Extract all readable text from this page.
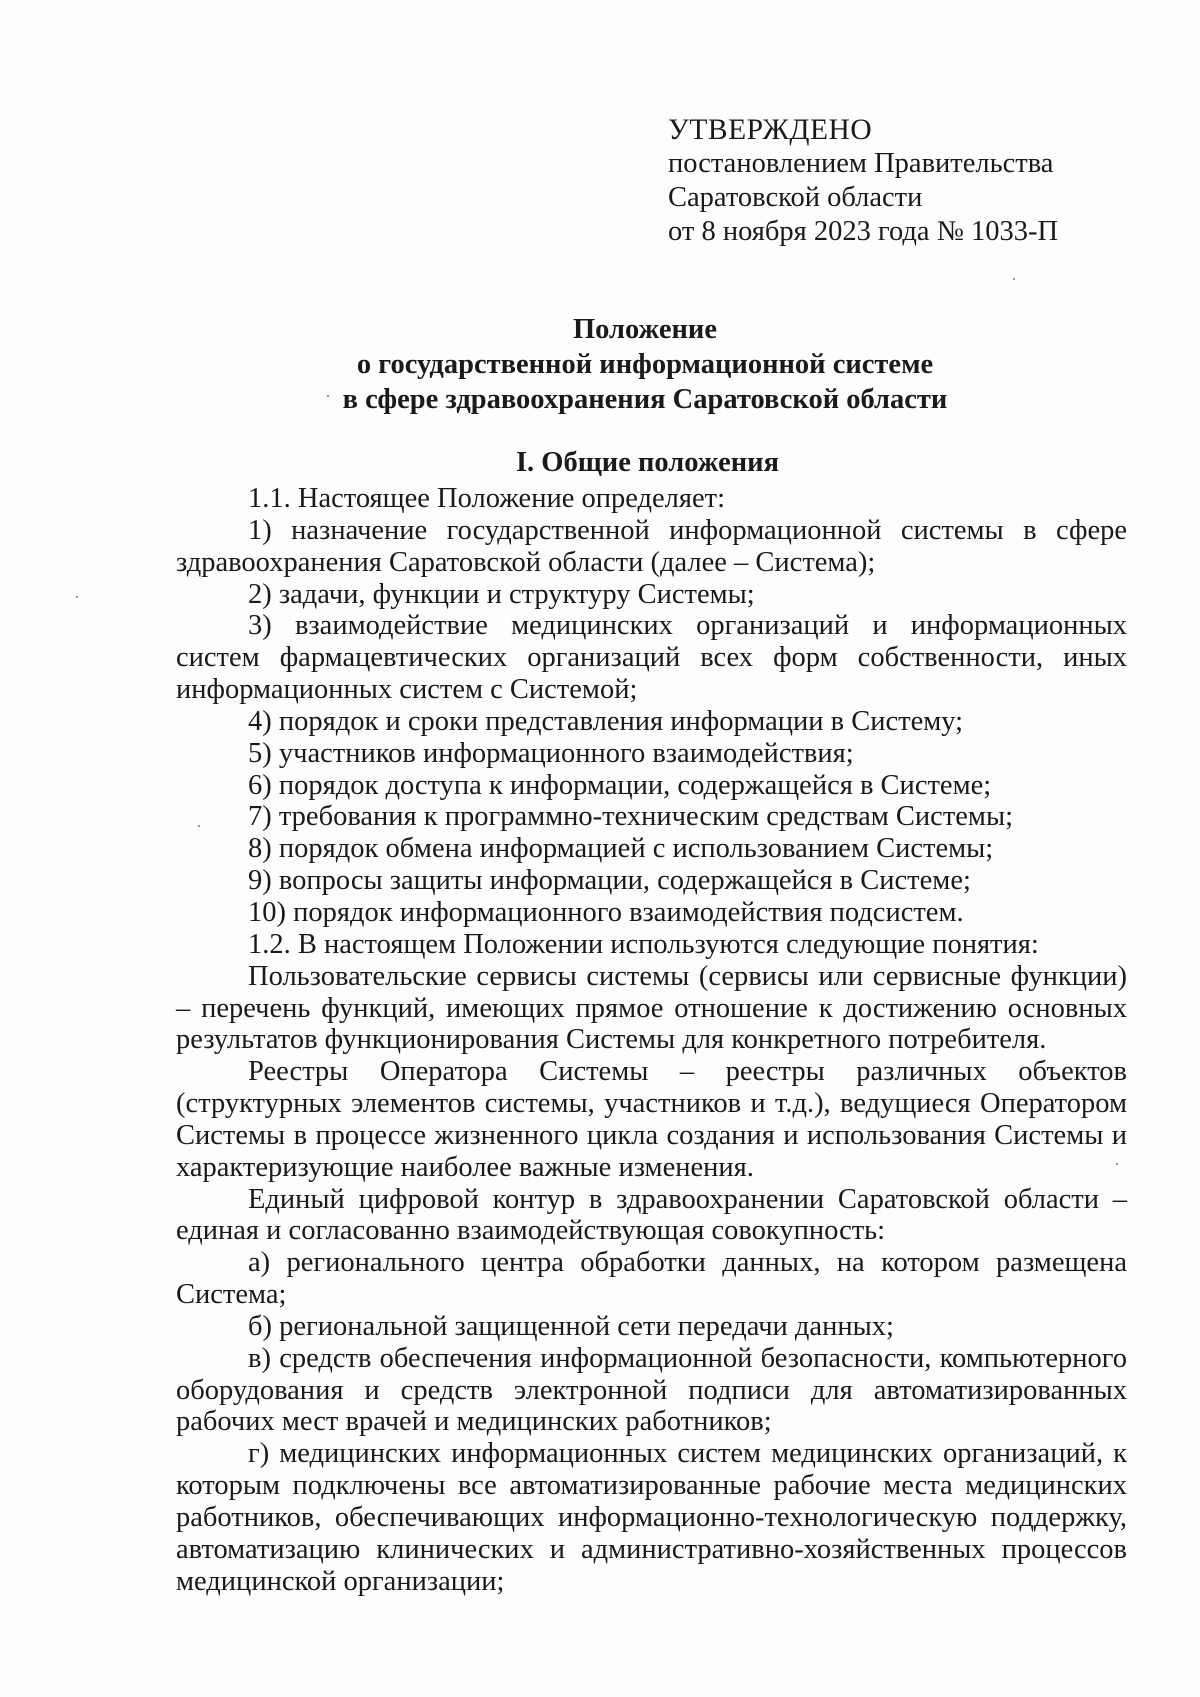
УТВЕРЖДЕНО
постановлением Правительства
Саратовской области
от 8 ноября 2023 года № 1033-П
Положение
о государственной информационной системе
в сфере здравоохранения Саратовской области
I. Общие положения

1.1. Настоящее Положение определяет:

1) назначение государственной информационной системы в сфере здравоохранения Саратовской области (далее – Система);

2) задачи, функции и структуру Системы;

3) взаимодействие медицинских организаций и информационных систем фармацевтических организаций всех форм собственности, иных информационных систем с Системой;

4) порядок и сроки представления информации в Систему;

5) участников информационного взаимодействия;

6) порядок доступа к информации, содержащейся в Системе;

7) требования к программно-техническим средствам Системы;

8) порядок обмена информацией с использованием Системы;

9) вопросы защиты информации, содержащейся в Системе;

10) порядок информационного взаимодействия подсистем.

1.2. В настоящем Положении используются следующие понятия:

Пользовательские сервисы системы (сервисы или сервисные функции) – перечень функций, имеющих прямое отношение к достижению основных результатов функционирования Системы для конкретного потребителя.

Реестры Оператора Системы – реестры различных объектов (структурных элементов системы, участников и т.д.), ведущиеся Оператором Системы в процессе жизненного цикла создания и использования Системы и характеризующие наиболее важные изменения.

Единый цифровой контур в здравоохранении Саратовской области – единая и согласованно взаимодействующая совокупность:

а) регионального центра обработки данных, на котором размещена Система;

б) региональной защищенной сети передачи данных;

в) средств обеспечения информационной безопасности, компьютерного оборудования и средств электронной подписи для автоматизированных рабочих мест врачей и медицинских работников;

г) медицинских информационных систем медицинских организаций, к которым подключены все автоматизированные рабочие места медицинских работников, обеспечивающих информационно-технологическую поддержку, автоматизацию клинических и административно-хозяйственных процессов медицинской организации;
